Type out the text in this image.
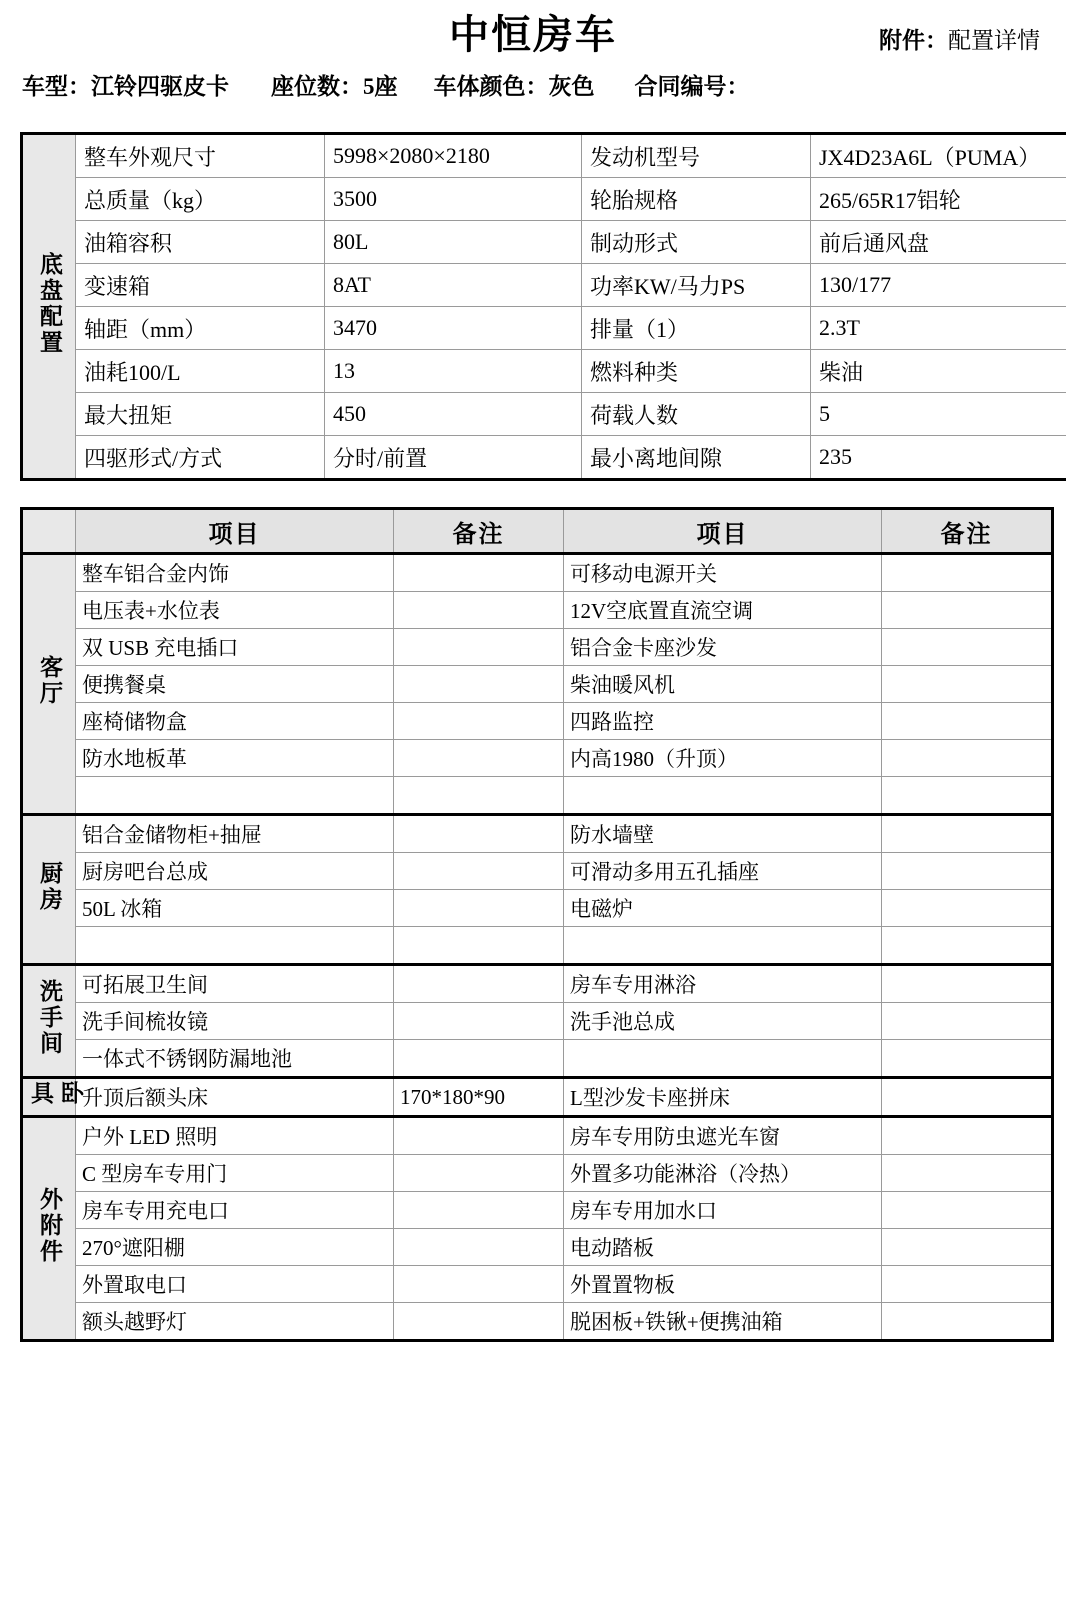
中恒房车	附件：配置详情
车型：江铃四驱皮卡 座位数：5座 车体颜色：灰色 合同编号：
底盘配置	整车外观尺寸	5998×2080×2180	发动机型号	JX4D23A6L（PUMA）
	总质量（kg）	3500	轮胎规格	265/65R17铝轮
	油箱容积	80L	制动形式	前后通风盘
	变速箱	8AT	功率KW/马力PS	130/177
	轴距（mm）	3470	排量（1）	2.3T
	油耗100/L	13	燃料种类	柴油
	最大扭矩	450	荷载人数	5
	四驱形式/方式	分时/前置	最小离地间隙	235
	项目	备注	项目	备注
客厅	整车铝合金内饰		可移动电源开关	
	电压表+水位表		12V空底置直流空调	
	双 USB 充电插口		铝合金卡座沙发	
	便携餐桌		柴油暖风机	
	座椅储物盒		四路监控	
	防水地板革		内高1980（升顶）	

厨房	铝合金储物柜+抽屉		防水墙壁	
	厨房吧台总成		可滑动多用五孔插座	
	50L 冰箱		电磁炉	

洗手间	可拓展卫生间		房车专用淋浴	
	洗手间梳妆镜		洗手池总成	
	一体式不锈钢防漏地池			
卧具	升顶后额头床	170*180*90	L型沙发卡座拼床	
外附件	户外 LED 照明		房车专用防虫遮光车窗	
	C 型房车专用门		外置多功能淋浴（冷热）	
	房车专用充电口		房车专用加水口	
	270°遮阳棚		电动踏板	
	外置取电口		外置置物板	
	额头越野灯		脱困板+铁锹+便携油箱	
